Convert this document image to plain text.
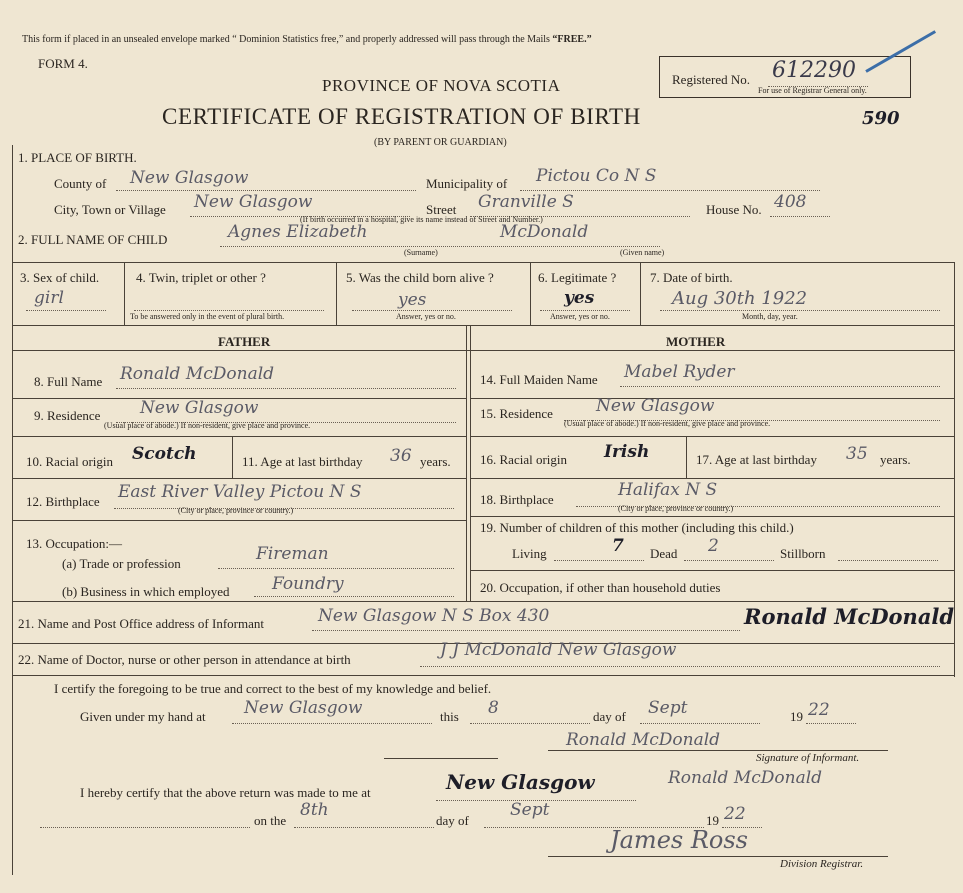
This form if placed in an unsealed envelope marked “ Dominion Statistics free,” and properly addressed will pass through the Mails “FREE.”
FORM 4.
Registered No. 612290
For use of Registrar General only.
590
PROVINCE OF NOVA SCOTIA
CERTIFICATE OF REGISTRATION OF BIRTH
(BY PARENT OR GUARDIAN)
1. PLACE OF BIRTH.
County of New Glasgow	Municipality of Pictou Co N S
City, Town or Village New Glasgow	Street Granville S
(If birth occurred in a hospital, give its name instead of Street and Number.)
House No. 408
2. FULL NAME OF CHILD	Agnes Elizabeth	McDonald
(Surname)	(Given name)
3. Sex of child.
girl
4. Twin, triplet or other ?
To be answered only in the event of plural birth.
5. Was the child born alive ?
yes
Answer, yes or no.
6. Legitimate ?
yes
Answer, yes or no.
7. Date of birth.
Aug 30th 1922
Month, day, year.
FATHER	MOTHER
8. Full Name Ronald McDonald
9. Residence New Glasgow
(Usual place of abode.) If non-resident, give place and province.
10. Racial origin Scotch	11. Age at last birthday 36 years.
12. Birthplace East River Valley Pictou N S
(City or place, province or country.)
13. Occupation:—
(a) Trade or profession	Fireman
(b) Business in which employed Foundry
14. Full Maiden Name Mabel Ryder
15. Residence	New Glasgow
(Usual place of abode.) If non-resident, give place and province.
16. Racial origin Irish	17. Age at last birthday 35 years.
18. Birthplace	Halifax N S
(City or place, province or country.)
19. Number of children of this mother (including this child.)
Living	7 Dead 2	Stillborn
20. Occupation, if other than household duties
21. Name and Post Office address of Informant	New Glasgow N S Box 430	Ronald McDonald
22. Name of Doctor, nurse or other person in attendance at birth	J J McDonald New Glasgow
I certify the foregoing to be true and correct to the best of my knowledge and belief.
Given under my hand at New Glasgow	this 8	day of Sept	19 22
Ronald McDonald
Signature of Informant.
I hereby certify that the above return was made to me at	New Glasgow	Ronald McDonald
on the
8th
day of
Sept
19 22
James Ross
Division Registrar.
